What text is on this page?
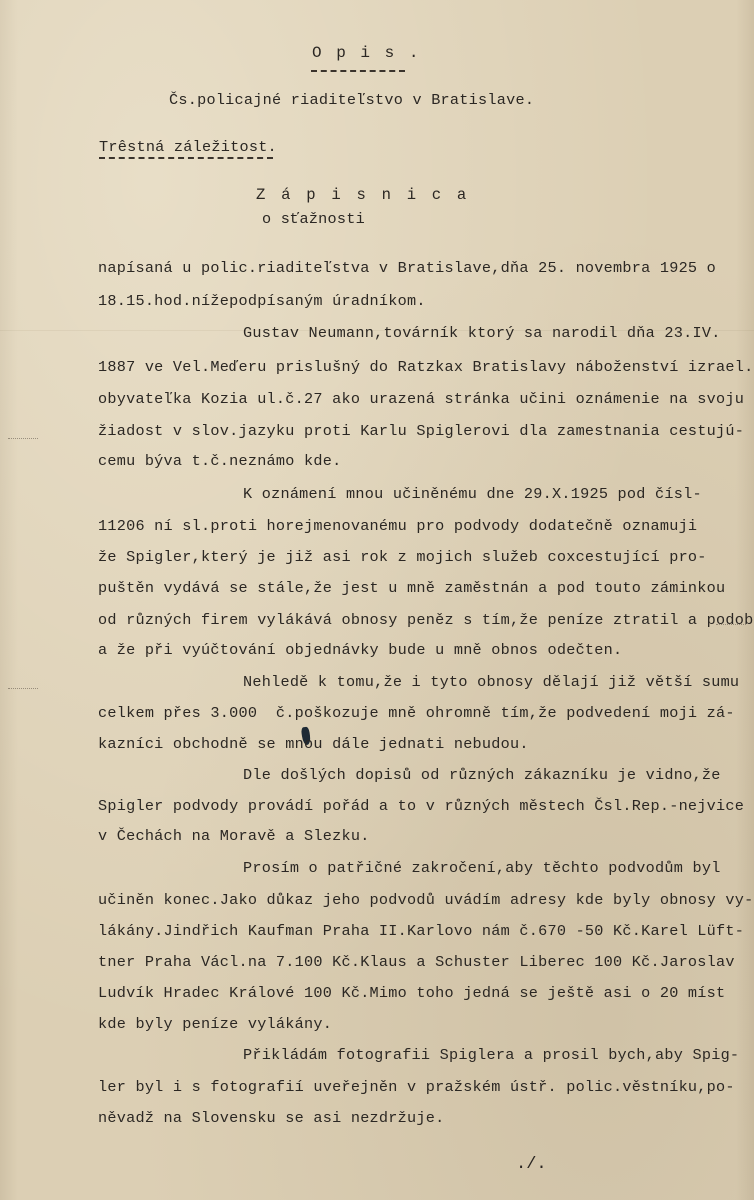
O p i s .
Čs.policajné riaditeľstvo v Bratislave.
Trêstná záležitost.
Z á p i s n i c a
o sťažnosti
napísaná u polic.riaditeľstva v Bratislave,dňa 25. novembra 1925 o
18.15.hod.nížepodpísaným úradníkom.
Gustav Neumann,továrník ktorý sa narodil dňa 23.IV.
1887 ve Vel.Meďeru prislušný do Ratzkax Bratislavy náboženství izrael.
obyvateľka Kozia ul.č.27 ako urazená stránka učini oznámenie na svoju
žiadost v slov.jazyku proti Karlu Spiglerovi dla zamestnania cestujú-
cemu býva t.č.neznámo kde.
K oznámení mnou učiněnému dne 29.X.1925 pod čísl-
11206 ní sl.proti horejmenovanému pro podvody dodatečně oznamuji
že Spigler,který je již asi rok z mojich služeb coxcestující pro-
puštěn vydává se stále,že jest u mně zaměstnán a pod touto záminkou
od různých firem vylákává obnosy peněz s tím,že peníze ztratil a podob
a že při vyúčtování objednávky bude u mně obnos odečten.
Nehledě k tomu,že i tyto obnosy dělají již větší sumu
celkem přes 3.000  č.poškozuje mně ohromně tím,že podvedení moji zá-
kazníci obchodně se mnou dále jednati nebudou.
Dle došlých dopisů od různých zákazníku je vidno,že
Spigler podvody provádí pořád a to v různých městech Čsl.Rep.-nejvice
v Čechách na Moravě a Slezku.
Prosím o patřičné zakročení,aby těchto podvodům byl
učiněn konec.Jako důkaz jeho podvodů uvádím adresy kde byly obnosy vy-
lákány.Jindřich Kaufman Praha II.Karlovo nám č.670 -50 Kč.Karel Lüft-
tner Praha Václ.na 7.100 Kč.Klaus a Schuster Liberec 100 Kč.Jaroslav
Ludvík Hradec Králové 100 Kč.Mimo toho jedná se ještě asi o 20 míst
kde byly peníze vylákány.
Přikládám fotografii Spiglera a prosil bych,aby Spig-
ler byl i s fotografií uveřejněn v pražském ústř. polic.věstníku,po-
něvadž na Slovensku se asi nezdržuje.
./.
